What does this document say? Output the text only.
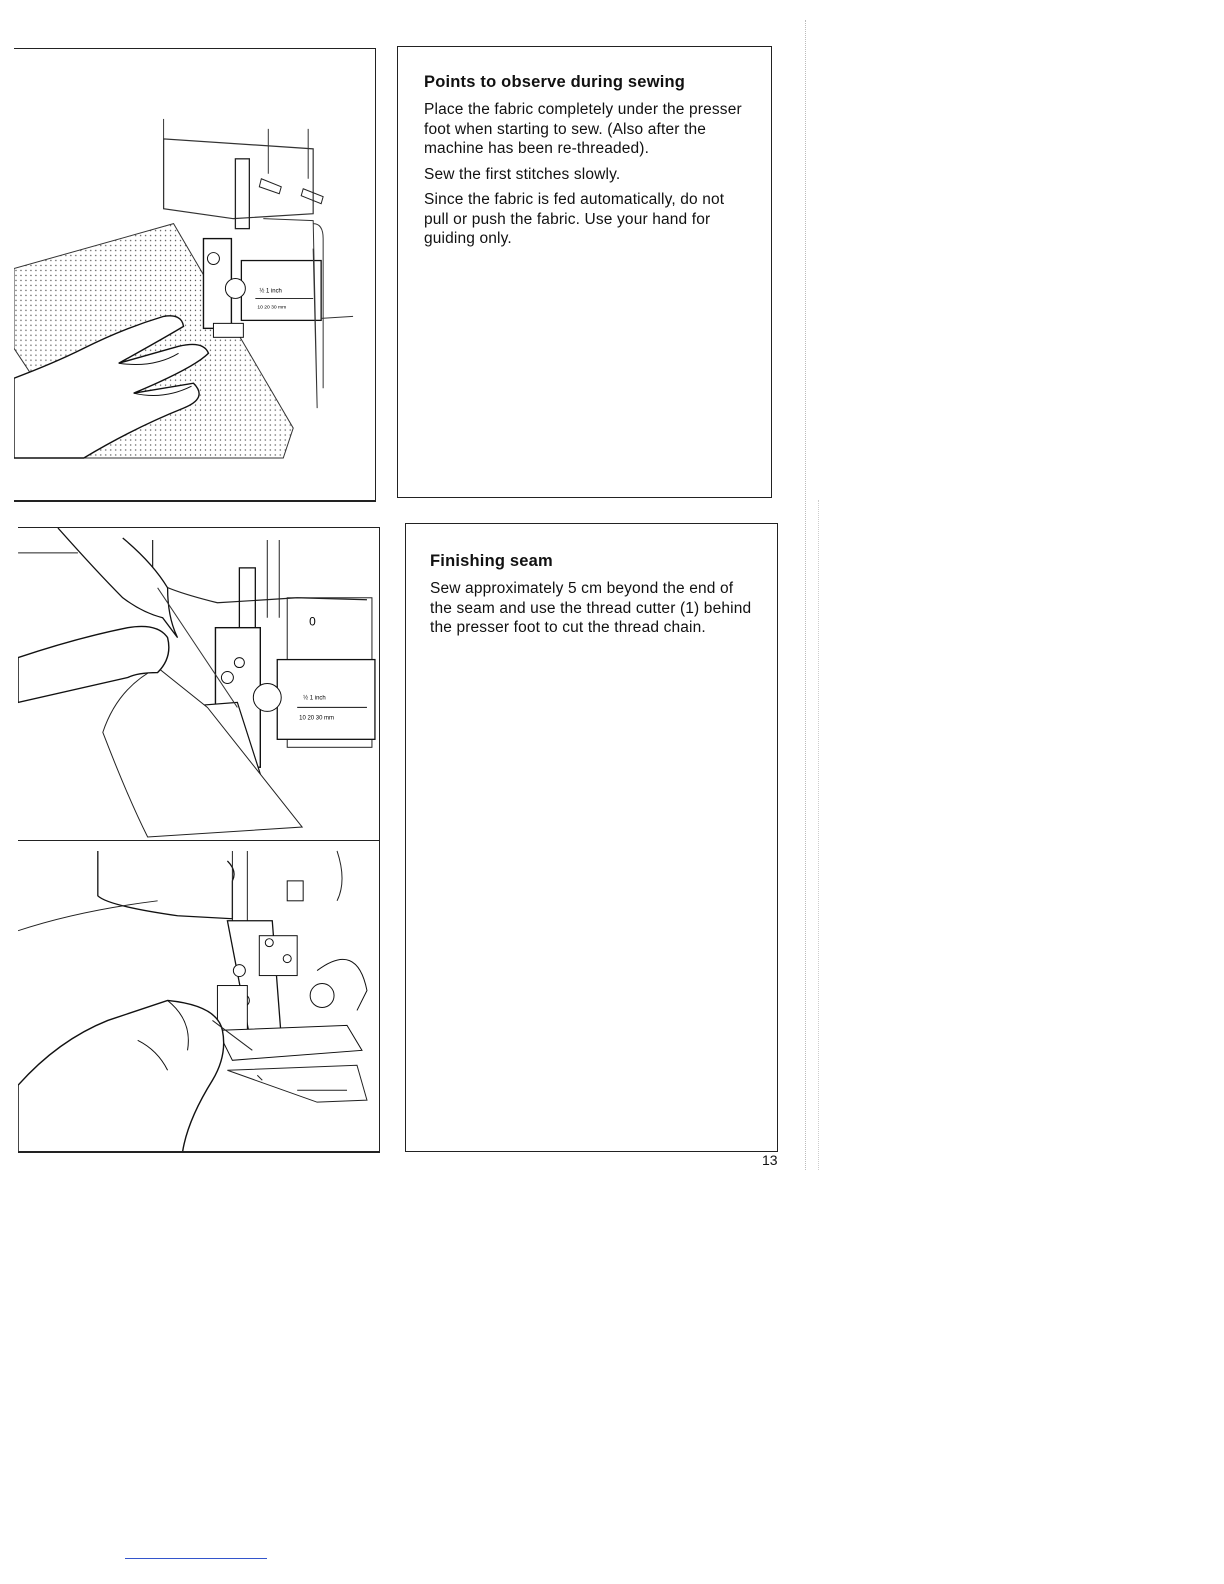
½ 1 inch
10 20 30 mm
Points to observe during sewing

Place the fabric completely under the presser foot when starting to sew. (Also after the machine has been re-threaded).

Sew the first stitches slowly.

Since the fabric is fed automatically, do not pull or push the fabric. Use your hand for guiding only.

0
½ 1 inch
10 20 30 mm
Finishing seam

Sew approximately 5 cm beyond the end of the seam and use the thread cutter (1) behind the presser foot to cut the thread chain.

13
